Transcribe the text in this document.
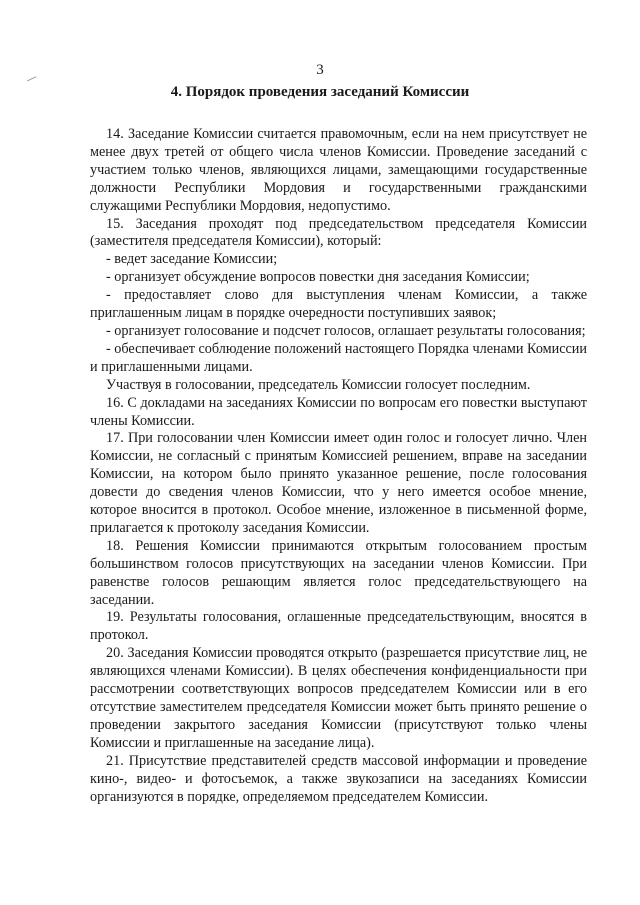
3
4. Порядок проведения заседаний Комиссии

14. Заседание Комиссии считается правомочным, если на нем присутствует не менее двух третей от общего числа членов Комиссии. Проведение заседаний с участием только членов, являющихся лицами, замещающими государственные должности Республики Мордовия и государственными гражданскими служащими Республики Мордовия, недопустимо.

15. Заседания проходят под председательством председателя Комиссии (заместителя председателя Комиссии), который:

- ведет заседание Комиссии;

- организует обсуждение вопросов повестки дня заседания Комиссии;

- предоставляет слово для выступления членам Комиссии, а также приглашенным лицам в порядке очередности поступивших заявок;

- организует голосование и подсчет голосов, оглашает результаты голосования;

- обеспечивает соблюдение положений настоящего Порядка членами Комиссии и приглашенными лицами.

Участвуя в голосовании, председатель Комиссии голосует последним.

16. С докладами на заседаниях Комиссии по вопросам его повестки выступают члены Комиссии.

17. При голосовании член Комиссии имеет один голос и голосует лично. Член Комиссии, не согласный с принятым Комиссией решением, вправе на заседании Комиссии, на котором было принято указанное решение, после голосования довести до сведения членов Комиссии, что у него имеется особое мнение, которое вносится в протокол. Особое мнение, изложенное в письменной форме, прилагается к протоколу заседания Комиссии.

18. Решения Комиссии принимаются открытым голосованием простым большинством голосов присутствующих на заседании членов Комиссии. При равенстве голосов решающим является голос председательствующего на заседании.

19. Результаты голосования, оглашенные председательствующим, вносятся в протокол.

20. Заседания Комиссии проводятся открыто (разрешается присутствие лиц, не являющихся членами Комиссии). В целях обеспечения конфиденциальности при рассмотрении соответствующих вопросов председателем Комиссии или в его отсутствие заместителем председателя Комиссии может быть принято решение о проведении закрытого заседания Комиссии (присутствуют только члены Комиссии и приглашенные на заседание лица).

21. Присутствие представителей средств массовой информации и проведение кино-, видео- и фотосъемок, а также звукозаписи на заседаниях Комиссии организуются в порядке, определяемом председателем Комиссии.
